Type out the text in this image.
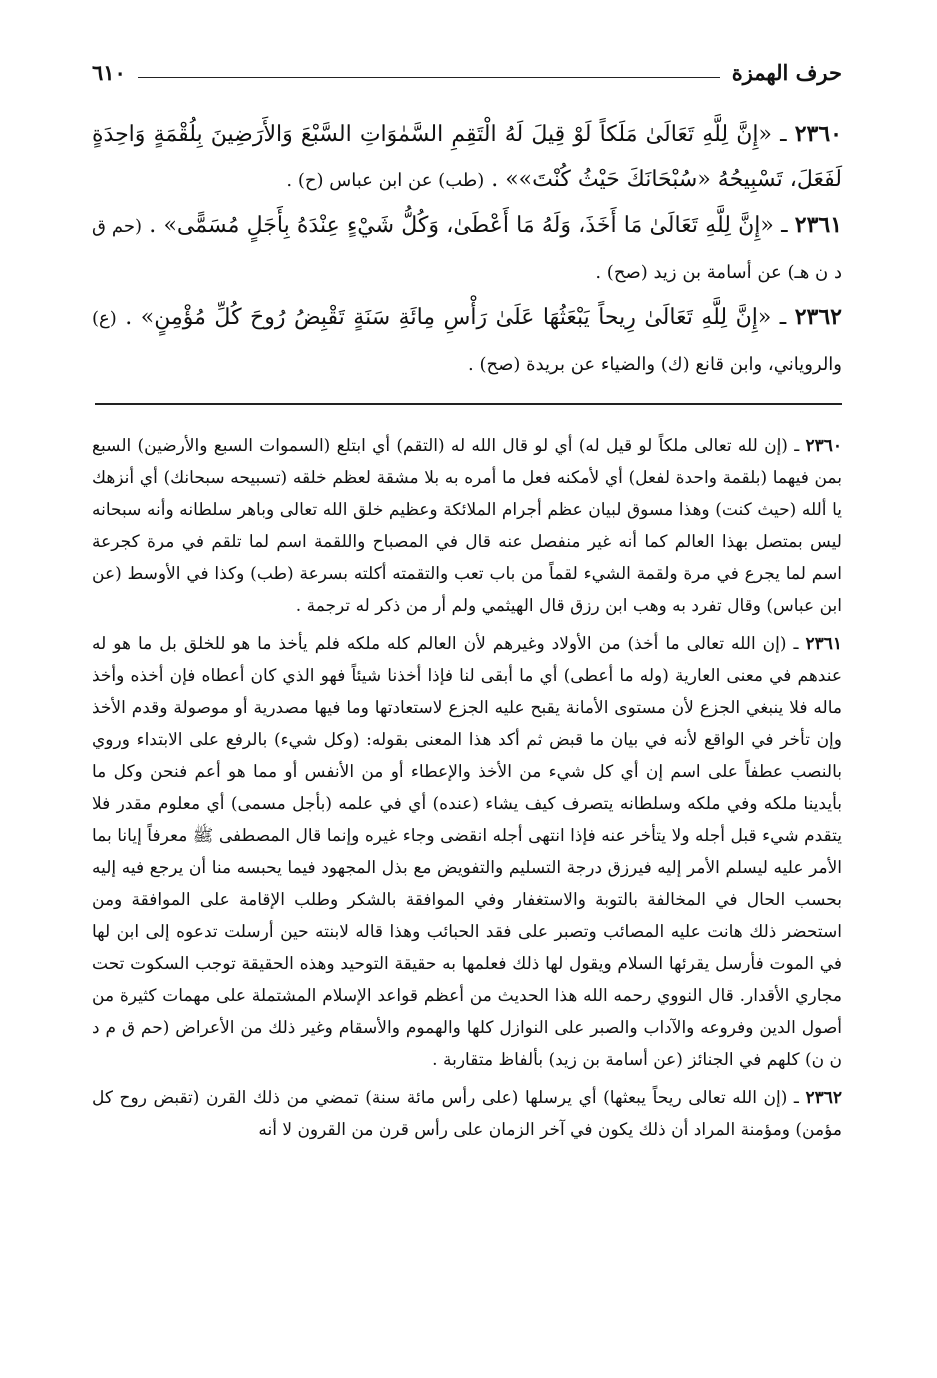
حرف الهمزة
٦١٠

٢٣٦٠ ـ «إِنَّ لِلَّهِ تَعَالَىٰ مَلَكاً لَوْ قِيلَ لَهُ الْتَقِمِ السَّمٰوَاتِ السَّبْعَ وَالأَرَضِينَ بِلُقْمَةٍ وَاحِدَةٍ لَفَعَلَ، تَسْبِيحُهُ «سُبْحَانَكَ حَيْثُ كُنْتَ»» . (طب) عن ابن عباس (ح) .

٢٣٦١ ـ «إِنَّ لِلَّهِ تَعَالَىٰ مَا أَخَذَ، وَلَهُ مَا أَعْطَىٰ، وَكُلُّ شَيْءٍ عِنْدَهُ بِأَجَلٍ مُسَمًّى» . (حم ق د ن هـ) عن أسامة بن زيد (صح) .

٢٣٦٢ ـ «إِنَّ لِلَّهِ تَعَالَىٰ رِيحاً يَبْعَثُهَا عَلَىٰ رَأْسِ مِائَةِ سَنَةٍ تَقْبِضُ رُوحَ كُلِّ مُؤْمِنٍ» . (ع) والروياني، وابن قانع (ك) والضياء عن بريدة (صح) .

٢٣٦٠ ـ (إن لله تعالى ملكاً لو قيل له) أي لو قال الله له (التقم) أي ابتلع (السموات السبع والأرضين) السبع بمن فيهما (بلقمة واحدة لفعل) أي لأمكنه فعل ما أمره به بلا مشقة لعظم خلقه (تسبيحه سبحانك) أي أنزهك يا ألله (حيث كنت) وهذا مسوق لبيان عظم أجرام الملائكة وعظيم خلق الله تعالى وباهر سلطانه وأنه سبحانه ليس بمتصل بهذا العالم كما أنه غير منفصل عنه قال في المصباح واللقمة اسم لما تلقم في مرة كجرعة اسم لما يجرع في مرة ولقمة الشيء لقماً من باب تعب والتقمته أكلته بسرعة (طب) وكذا في الأوسط (عن ابن عباس) وقال تفرد به وهب ابن رزق قال الهيثمي ولم أر من ذكر له ترجمة .

٢٣٦١ ـ (إن الله تعالى ما أخذ) من الأولاد وغيرهم لأن العالم كله ملكه فلم يأخذ ما هو للخلق بل ما هو له عندهم في معنى العارية (وله ما أعطى) أي ما أبقى لنا فإذا أخذنا شيئاً فهو الذي كان أعطاه فإن أخذه وأخذ ماله فلا ينبغي الجزع لأن مستوى الأمانة يقبح عليه الجزع لاستعادتها وما فيها مصدرية أو موصولة وقدم الأخذ وإن تأخر في الواقع لأنه في بيان ما قبض ثم أكد هذا المعنى بقوله: (وكل شيء) بالرفع على الابتداء وروي بالنصب عطفاً على اسم إن أي كل شيء من الأخذ والإعطاء أو من الأنفس أو مما هو أعم فنحن وكل ما بأيدينا ملكه وفي ملكه وسلطانه يتصرف كيف يشاء (عنده) أي في علمه (بأجل مسمى) أي معلوم مقدر فلا يتقدم شيء قبل أجله ولا يتأخر عنه فإذا انتهى أجله انقضى وجاء غيره وإنما قال المصطفى ﷺ معرفاً إيانا بما الأمر عليه ليسلم الأمر إليه فيرزق درجة التسليم والتفويض مع بذل المجهود فيما يحبسه منا أن يرجع فيه إليه بحسب الحال في المخالفة بالتوبة والاستغفار وفي الموافقة بالشكر وطلب الإقامة على الموافقة ومن استحضر ذلك هانت عليه المصائب وتصبر على فقد الحبائب وهذا قاله لابنته حين أرسلت تدعوه إلى ابن لها في الموت فأرسل يقرئها السلام ويقول لها ذلك فعلمها به حقيقة التوحيد وهذه الحقيقة توجب السكوت تحت مجاري الأقدار. قال النووي رحمه الله هذا الحديث من أعظم قواعد الإسلام المشتملة على مهمات كثيرة من أصول الدين وفروعه والآداب والصبر على النوازل كلها والهموم والأسقام وغير ذلك من الأعراض (حم ق م د ن ن) كلهم في الجنائز (عن أسامة بن زيد) بألفاظ متقاربة .

٢٣٦٢ ـ (إن الله تعالى ريحاً يبعثها) أي يرسلها (على رأس مائة سنة) تمضي من ذلك القرن (تقبض روح كل مؤمن) ومؤمنة المراد أن ذلك يكون في آخر الزمان على رأس قرن من القرون لا أنه
